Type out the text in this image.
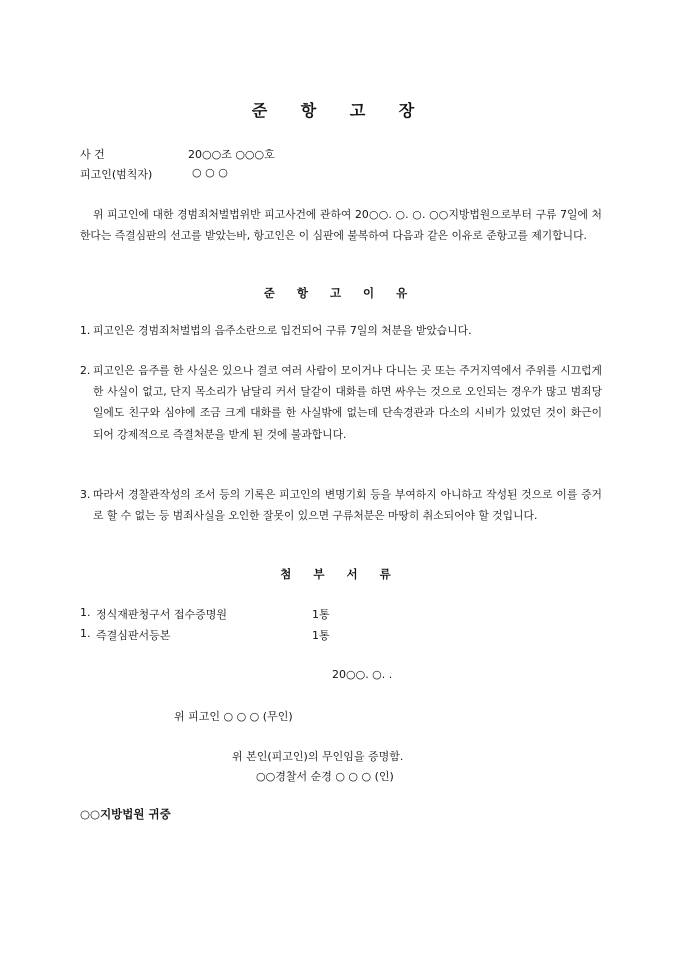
준 항 고 장
사 건	20○○조 ○○○호
피고인(범칙자)	○ ○ ○
위 피고인에 대한 경범죄처벌법위반 피고사건에 관하여 20○○. ○. ○. ○○지방법원으로부터 구류 7일에 처한다는 즉결심판의 선고를 받았는바, 항고인은 이 심판에 불복하여 다음과 같은 이유로 준항고를 제기합니다.
준 항 고 이 유
1. 피고인은 경범죄처벌법의 음주소란으로 입건되어 구류 7일의 처분을 받았습니다.
2. 피고인은 음주를 한 사실은 있으나 결코 여러 사람이 모이거나 다니는 곳 또는 주거지역에서 주위를 시끄럽게 한 사실이 없고, 단지 목소리가 남달리 커서 달같이 대화를 하면 싸우는 것으로 오인되는 경우가 많고 범죄당일에도 친구와 심야에 조금 크게 대화를 한 사실밖에 없는데 단속경관과 다소의 시비가 있었던 것이 화근이 되어 강제적으로 즉결처분을 받게 된 것에 불과합니다.
3. 따라서 경찰관작성의 조서 등의 기록은 피고인의 변명기회 등을 부여하지 아니하고 작성된 것으로 이를 증거로 할 수 없는 등 범죄사실을 오인한 잘못이 있으면 구류처분은 마땅히 취소되어야 할 것입니다.
첨 부 서 류
1. 정식재판청구서 접수증명원	1통
1. 즉결심판서등본	1통
20○○. ○. .
위 피고인 ○ ○ ○ (무인)
위 본인(피고인)의 무인임을 증명함.
○○경찰서 순경 ○ ○ ○ (인)
○○지방법원 귀중
